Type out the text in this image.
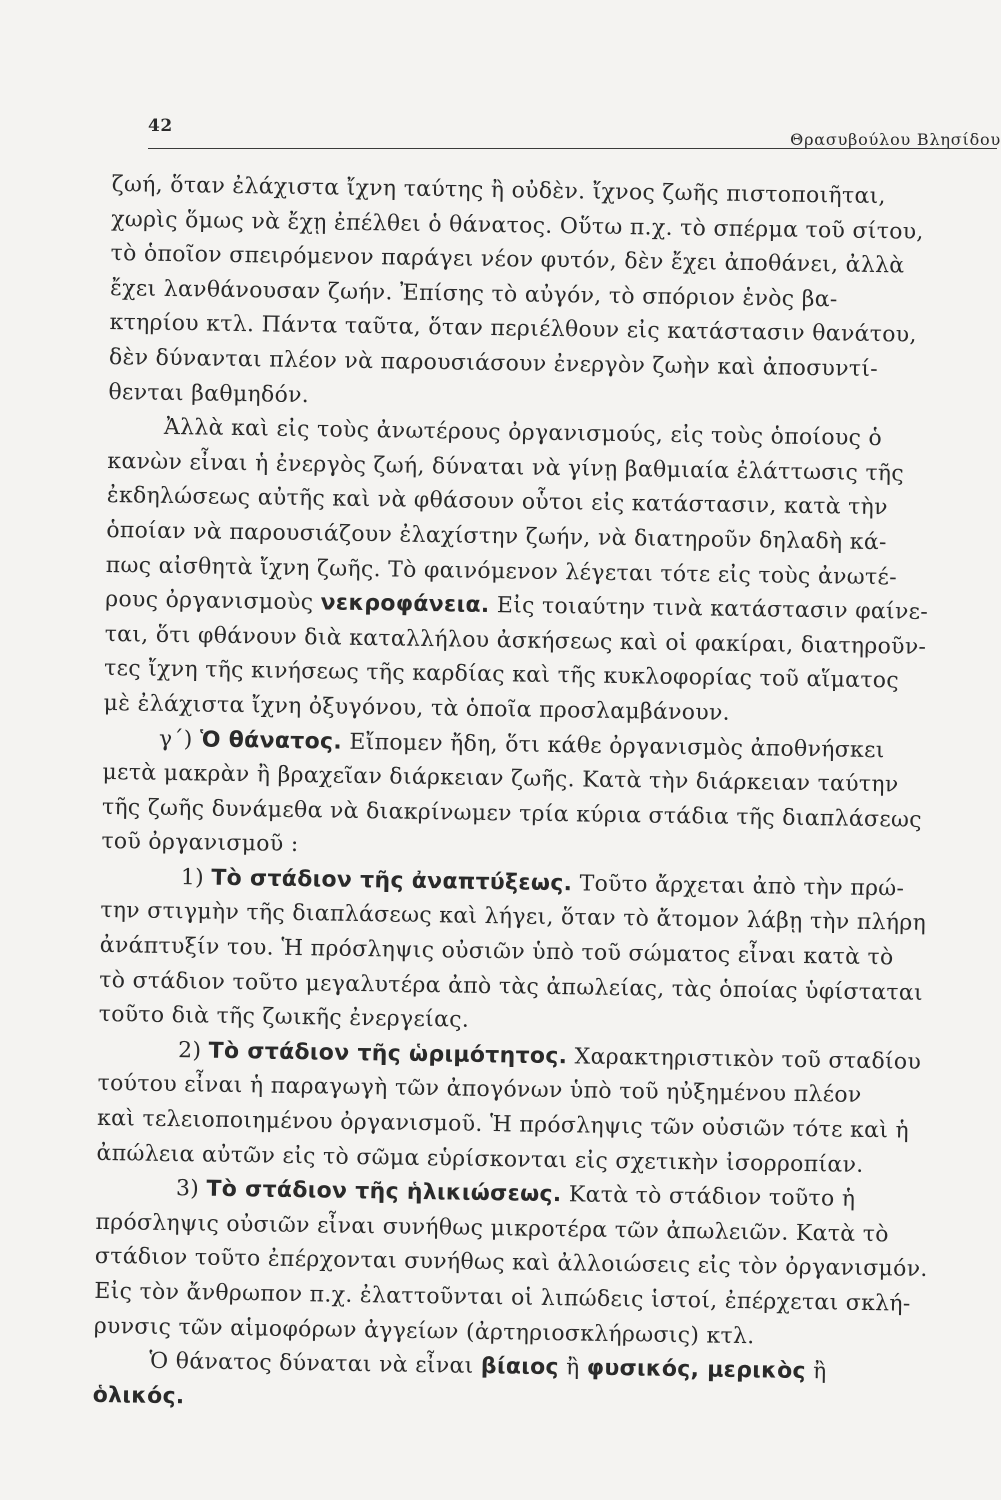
42
Θρασυβούλου Βλησίδου
ζωή, ὅταν ἐλάχιστα ἴχνη ταύτης ἢ οὐδὲν. ἴχνος ζωῆς πιστοποιῆται,
χωρὶς ὅμως νὰ ἔχῃ ἐπέλθει ὁ θάνατος. Οὕτω π.χ. τὸ σπέρμα τοῦ σίτου,
τὸ ὁποῖον σπειρόμενον παράγει νέον φυτόν, δὲν ἔχει ἀποθάνει, ἀλλὰ
ἔχει λανθάνουσαν ζωήν. Ἐπίσης τὸ αὐγόν, τὸ σπόριον ἑνὸς βα-
κτηρίου κτλ. Πάντα ταῦτα, ὅταν περιέλθουν εἰς κατάστασιν θανάτου,
δὲν δύνανται πλέον νὰ παρουσιάσουν ἐνεργὸν ζωὴν καὶ ἀποσυντί-
θενται βαθμηδόν.
Ἀλλὰ καὶ εἰς τοὺς ἀνωτέρους ὀργανισμούς, εἰς τοὺς ὁποίους ὁ
κανὼν εἶναι ἡ ἐνεργὸς ζωή, δύναται νὰ γίνῃ βαθμιαία ἐλάττωσις τῆς
ἐκδηλώσεως αὐτῆς καὶ νὰ φθάσουν οὗτοι εἰς κατάστασιν, κατὰ τὴν
ὁποίαν νὰ παρουσιάζουν ἐλαχίστην ζωήν, νὰ διατηροῦν δηλαδὴ κά-
πως αἰσθητὰ ἴχνη ζωῆς. Τὸ φαινόμενον λέγεται τότε εἰς τοὺς ἀνωτέ-
ρους ὀργανισμοὺς νεκροφάνεια. Εἰς τοιαύτην τινὰ κατάστασιν φαίνε-
ται, ὅτι φθάνουν διὰ καταλλήλου ἀσκήσεως καὶ οἱ φακίραι, διατηροῦν-
τες ἴχνη τῆς κινήσεως τῆς καρδίας καὶ τῆς κυκλοφορίας τοῦ αἵματος
μὲ ἐλάχιστα ἴχνη ὀξυγόνου, τὰ ὁποῖα προσλαμβάνουν.
γ΄) Ὁ θάνατος. Εἴπομεν ἤδη, ὅτι κάθε ὀργανισμὸς ἀποθνήσκει
μετὰ μακρὰν ἢ βραχεῖαν διάρκειαν ζωῆς. Κατὰ τὴν διάρκειαν ταύτην
τῆς ζωῆς δυνάμεθα νὰ διακρίνωμεν τρία κύρια στάδια τῆς διαπλάσεως
τοῦ ὀργανισμοῦ :
1) Τὸ στάδιον τῆς ἀναπτύξεως. Τοῦτο ἄρχεται ἀπὸ τὴν πρώ-
την στιγμὴν τῆς διαπλάσεως καὶ λήγει, ὅταν τὸ ἄτομον λάβῃ τὴν πλήρη
ἀνάπτυξίν του. Ἡ πρόσληψις οὐσιῶν ὑπὸ τοῦ σώματος εἶναι κατὰ τὸ
τὸ στάδιον τοῦτο μεγαλυτέρα ἀπὸ τὰς ἀπωλείας, τὰς ὁποίας ὑφίσταται
τοῦτο διὰ τῆς ζωικῆς ἐνεργείας.
2) Τὸ στάδιον τῆς ὡριμότητος. Χαρακτηριστικὸν τοῦ σταδίου
τούτου εἶναι ἡ παραγωγὴ τῶν ἀπογόνων ὑπὸ τοῦ ηὐξημένου πλέον
καὶ τελειοποιημένου ὀργανισμοῦ. Ἡ πρόσληψις τῶν οὐσιῶν τότε καὶ ἡ
ἀπώλεια αὐτῶν εἰς τὸ σῶμα εὑρίσκονται εἰς σχετικὴν ἰσορροπίαν.
3) Τὸ στάδιον τῆς ἡλικιώσεως. Κατὰ τὸ στάδιον τοῦτο ἡ
πρόσληψις οὐσιῶν εἶναι συνήθως μικροτέρα τῶν ἀπωλειῶν. Κατὰ τὸ
στάδιον τοῦτο ἐπέρχονται συνήθως καὶ ἀλλοιώσεις εἰς τὸν ὀργανισμόν.
Εἰς τὸν ἄνθρωπον π.χ. ἐλαττοῦνται οἱ λιπώδεις ἱστοί, ἐπέρχεται σκλή-
ρυνσις τῶν αἱμοφόρων ἀγγείων (ἀρτηριοσκλήρωσις) κτλ.
Ὁ θάνατος δύναται νὰ εἶναι βίαιος ἢ φυσικός, μερικὸς ἢ
ὁλικός.
